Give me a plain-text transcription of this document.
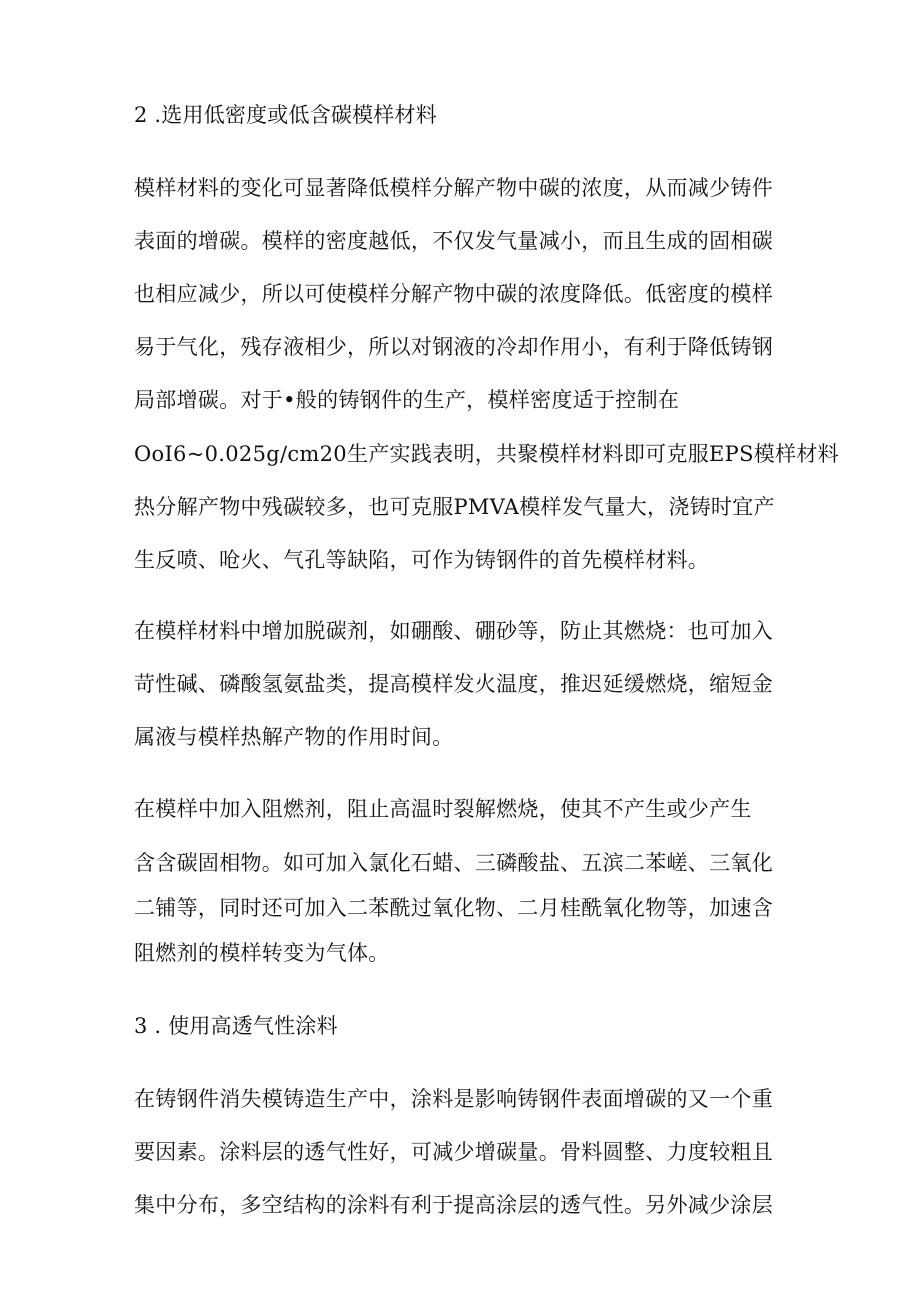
2 .选用低密度或低含碳模样材料
模样材料的变化可显著降低模样分解产物中碳的浓度，从而减少铸件
表面的增碳。模样的密度越低，不仅发气量减小，而且生成的固相碳
也相应减少，所以可使模样分解产物中碳的浓度降低。低密度的模样
易于气化，残存液相少，所以对钢液的冷却作用小，有利于降低铸钢
局部增碳。对于•般的铸钢件的生产，模样密度适于控制在
OoI6~0.025g∕cm20生产实践表明，共聚模样材料即可克服EPS模样材料
热分解产物中残碳较多，也可克服PMVA模样发气量大，浇铸时宜产
生反喷、呛火、气孔等缺陷，可作为铸钢件的首先模样材料。
在模样材料中增加脱碳剂，如硼酸、硼砂等，防止其燃烧：也可加入
苛性碱、磷酸氢氨盐类，提高模样发火温度，推迟延缓燃烧，缩短金
属液与模样热解产物的作用时间。
在模样中加入阻燃剂，阻止高温时裂解燃烧，使其不产生或少产生
含含碳固相物。如可加入氯化石蜡、三磷酸盐、五滨二苯嵯、三氧化
二铺等，同时还可加入二苯酰过氧化物、二月桂酰氧化物等，加速含
阻燃剂的模样转变为气体。
3 . 使用高透气性涂料
在铸钢件消失模铸造生产中，涂料是影响铸钢件表面增碳的又一个重
要因素。涂料层的透气性好，可减少增碳量。骨料圆整、力度较粗且
集中分布，多空结构的涂料有利于提高涂层的透气性。另外减少涂层
